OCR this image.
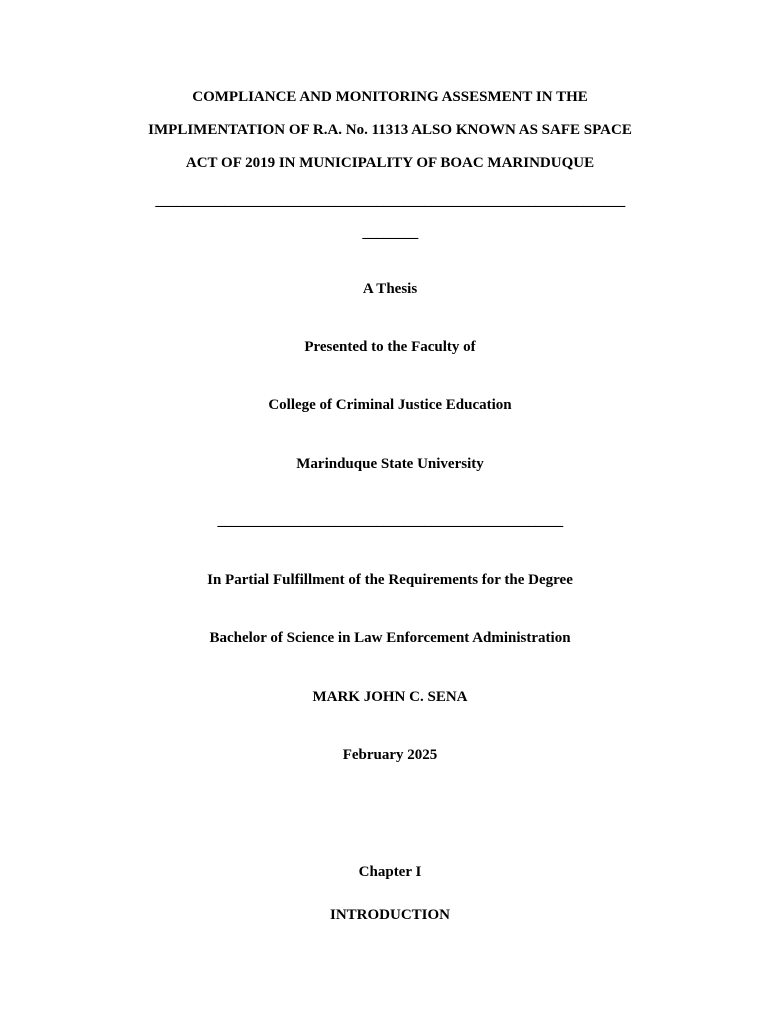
COMPLIANCE AND MONITORING ASSESMENT IN THE
IMPLIMENTATION OF R.A. No. 11313 ALSO KNOWN AS SAFE SPACE
ACT OF 2019 IN MUNICIPALITY OF BOAC MARINDUQUE
____________________________________________________________________
________
A Thesis
Presented to the Faculty of
College of Criminal Justice Education
Marinduque State University
__________________________________________________
In Partial Fulfillment of the Requirements for the Degree
Bachelor of Science in Law Enforcement Administration
MARK JOHN C. SENA
February 2025
Chapter I
INTRODUCTION
